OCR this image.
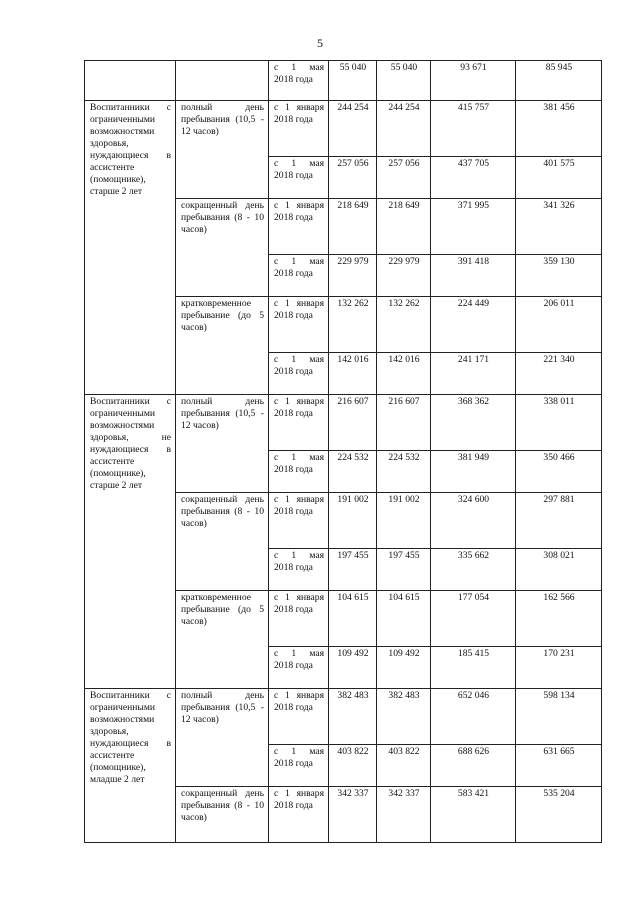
5
		с 1 мая 2018 года	55 040	55 040	93 671	85 945
Воспитанники с ограниченными возможностями здоровья, нуждающиеся в ассистенте (помощнике), старше 2 лет	полный день пребывания (10,5 - 12 часов)	с 1 января 2018 года	244 254	244 254	415 757	381 456
		с 1 мая 2018 года	257 056	257 056	437 705	401 575
	сокращенный день пребывания (8 - 10 часов)	с 1 января 2018 года	218 649	218 649	371 995	341 326
		с 1 мая 2018 года	229 979	229 979	391 418	359 130
	кратковременное пребывание (до 5 часов)	с 1 января 2018 года	132 262	132 262	224 449	206 011
		с 1 мая 2018 года	142 016	142 016	241 171	221 340
Воспитанники с ограниченными возможностями здоровья, не нуждающиеся в ассистенте (помощнике), старше 2 лет	полный день пребывания (10,5 - 12 часов)	с 1 января 2018 года	216 607	216 607	368 362	338 011
		с 1 мая 2018 года	224 532	224 532	381 949	350 466
	сокращенный день пребывания (8 - 10 часов)	с 1 января 2018 года	191 002	191 002	324 600	297 881
		с 1 мая 2018 года	197 455	197 455	335 662	308 021
	кратковременное пребывание (до 5 часов)	с 1 января 2018 года	104 615	104 615	177 054	162 566
		с 1 мая 2018 года	109 492	109 492	185 415	170 231
Воспитанники с ограниченными возможностями здоровья, нуждающиеся в ассистенте (помощнике), младше 2 лет	полный день пребывания (10,5 - 12 часов)	с 1 января 2018 года	382 483	382 483	652 046	598 134
		с 1 мая 2018 года	403 822	403 822	688 626	631 665
	сокращенный день пребывания (8 - 10 часов)	с 1 января 2018 года	342 337	342 337	583 421	535 204
